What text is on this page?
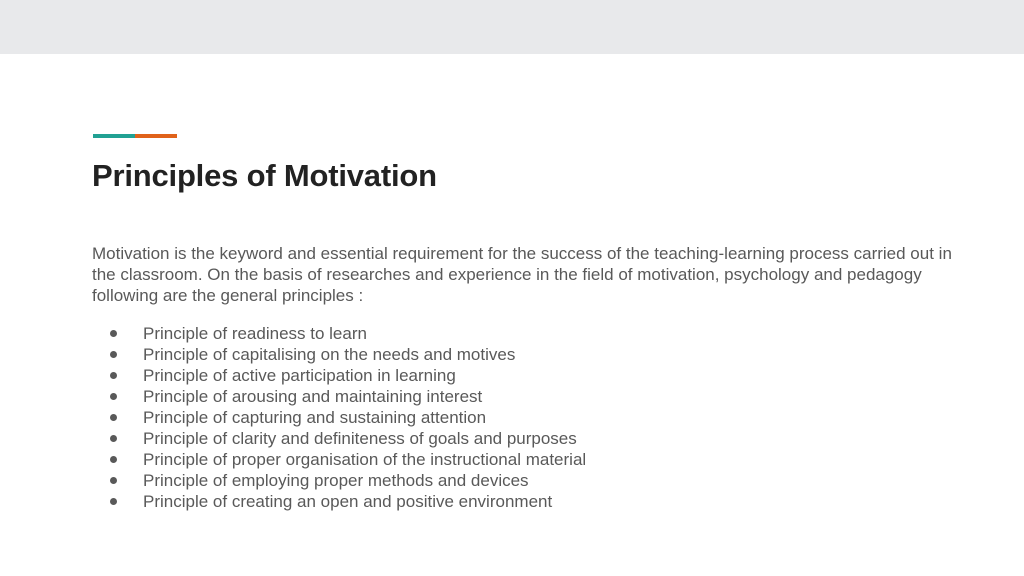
Principles of Motivation

Motivation is the keyword and essential requirement for the success of the teaching-learning process carried out in the classroom. On the basis of researches and experience in the field of motivation, psychology and pedagogy following are the general principles :

Principle of readiness to learn
Principle of capitalising on the needs and motives
Principle of active participation in learning
Principle of arousing and maintaining interest
Principle of capturing and sustaining attention
Principle of clarity and definiteness of goals and purposes
Principle of proper organisation of the instructional material
Principle of employing proper methods and devices
Principle of creating an open and positive environment
